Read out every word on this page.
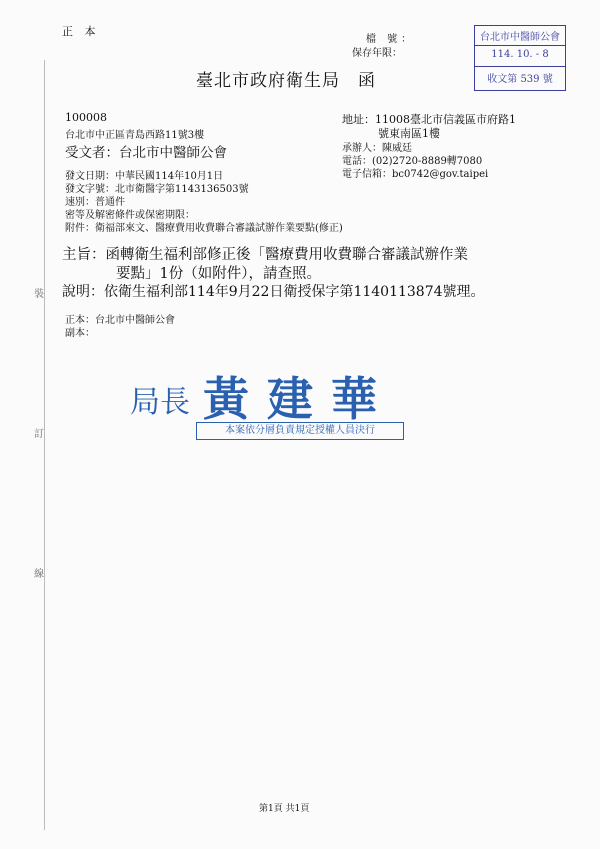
裝
訂
線
正 本
檔 號：
保存年限：
台北市中醫師公會
114. 10. - 8
收文第 539 號
臺北市政府衛生局　函
100008
台北市中正區青島西路11號3樓
受文者：台北市中醫師公會
地址：11008臺北市信義區市府路1
號東南區1樓
承辦人：陳威廷
電話：(02)2720-8889轉7080
電子信箱：bc0742@gov.taipei
發文日期：中華民國114年10月1日
發文字號：北市衛醫字第1143136503號
速別：普通件
密等及解密條件或保密期限：
附件：衛福部來文、醫療費用收費聯合審議試辦作業要點(修正)
主旨：函轉衛生福利部修正後「醫療費用收費聯合審議試辦作業
要點」1份（如附件），請查照。
說明：依衛生福利部114年9月22日衛授保字第1140113874號理。
正本：台北市中醫師公會
副本：
局長 黃建華
本案依分層負責規定授權人員決行
第1頁 共1頁
